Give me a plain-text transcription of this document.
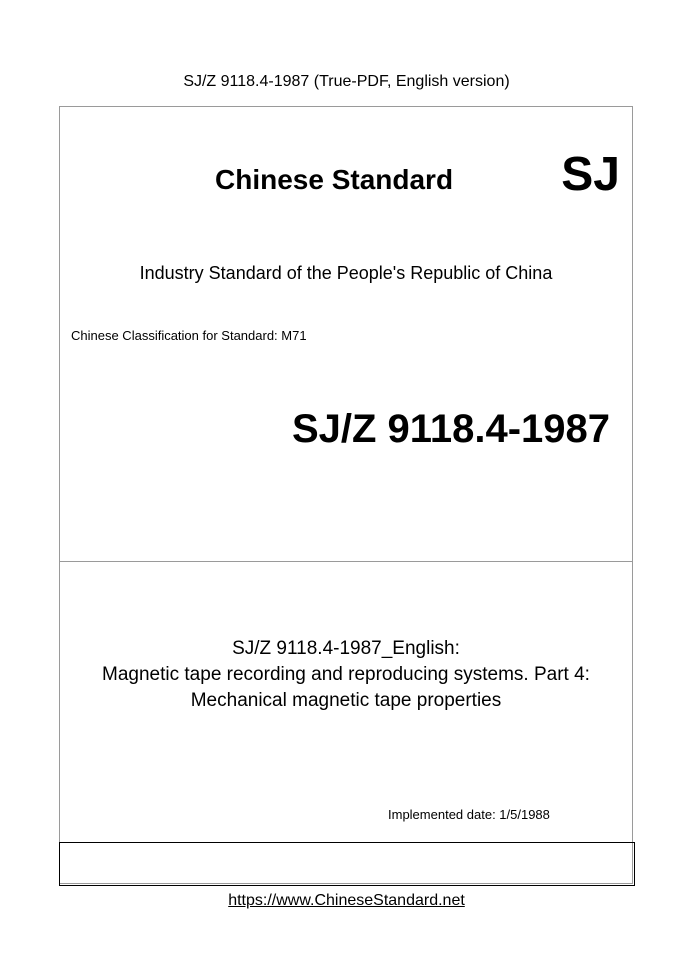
SJ/Z 9118.4-1987 (True-PDF, English version)
Chinese Standard SJ
Industry Standard of the People's Republic of China
Chinese Classification for Standard: M71
SJ/Z 9118.4-1987
SJ/Z 9118.4-1987_English:
Magnetic tape recording and reproducing systems. Part 4:
Mechanical magnetic tape properties
Implemented date: 1/5/1988
https://www.ChineseStandard.net
